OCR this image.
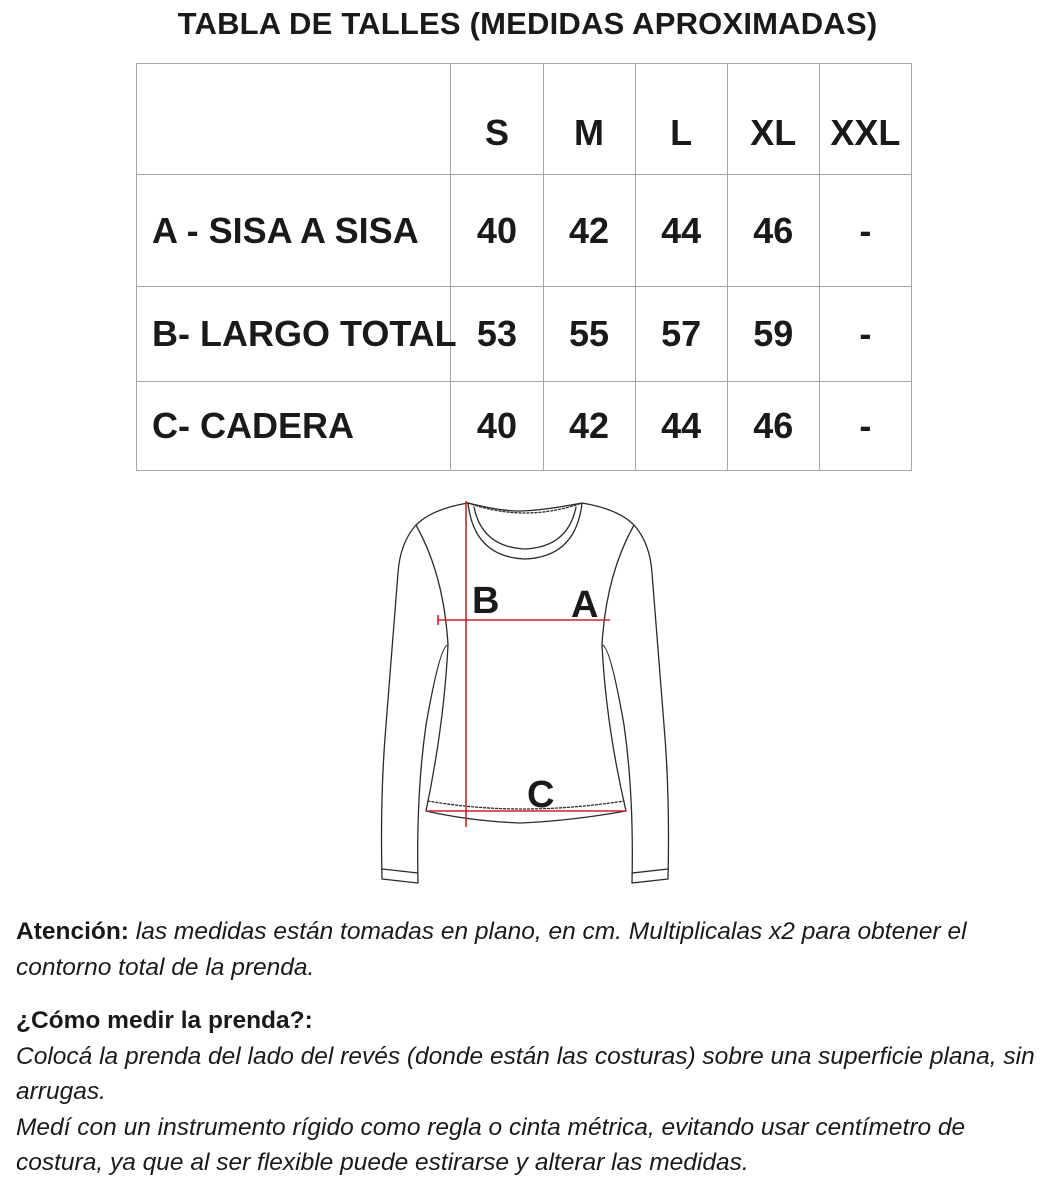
TABLA DE TALLES (MEDIDAS APROXIMADAS)
	S	M	L	XL	XXL
A - SISA A SISA	40	42	44	46	-
B- LARGO TOTAL	53	55	57	59	-
C- CADERA	40	42	44	46	-
B A
C

Atención: las medidas están tomadas en plano, en cm. Multiplicalas x2 para obtener el contorno total de la prenda.

¿Cómo medir la prenda?:

Colocá la prenda del lado del revés (donde están las costuras) sobre una superficie plana, sin arrugas.

Medí con un instrumento rígido como regla o cinta métrica, evitando usar centímetro de costura, ya que al ser flexible puede estirarse y alterar las medidas.
